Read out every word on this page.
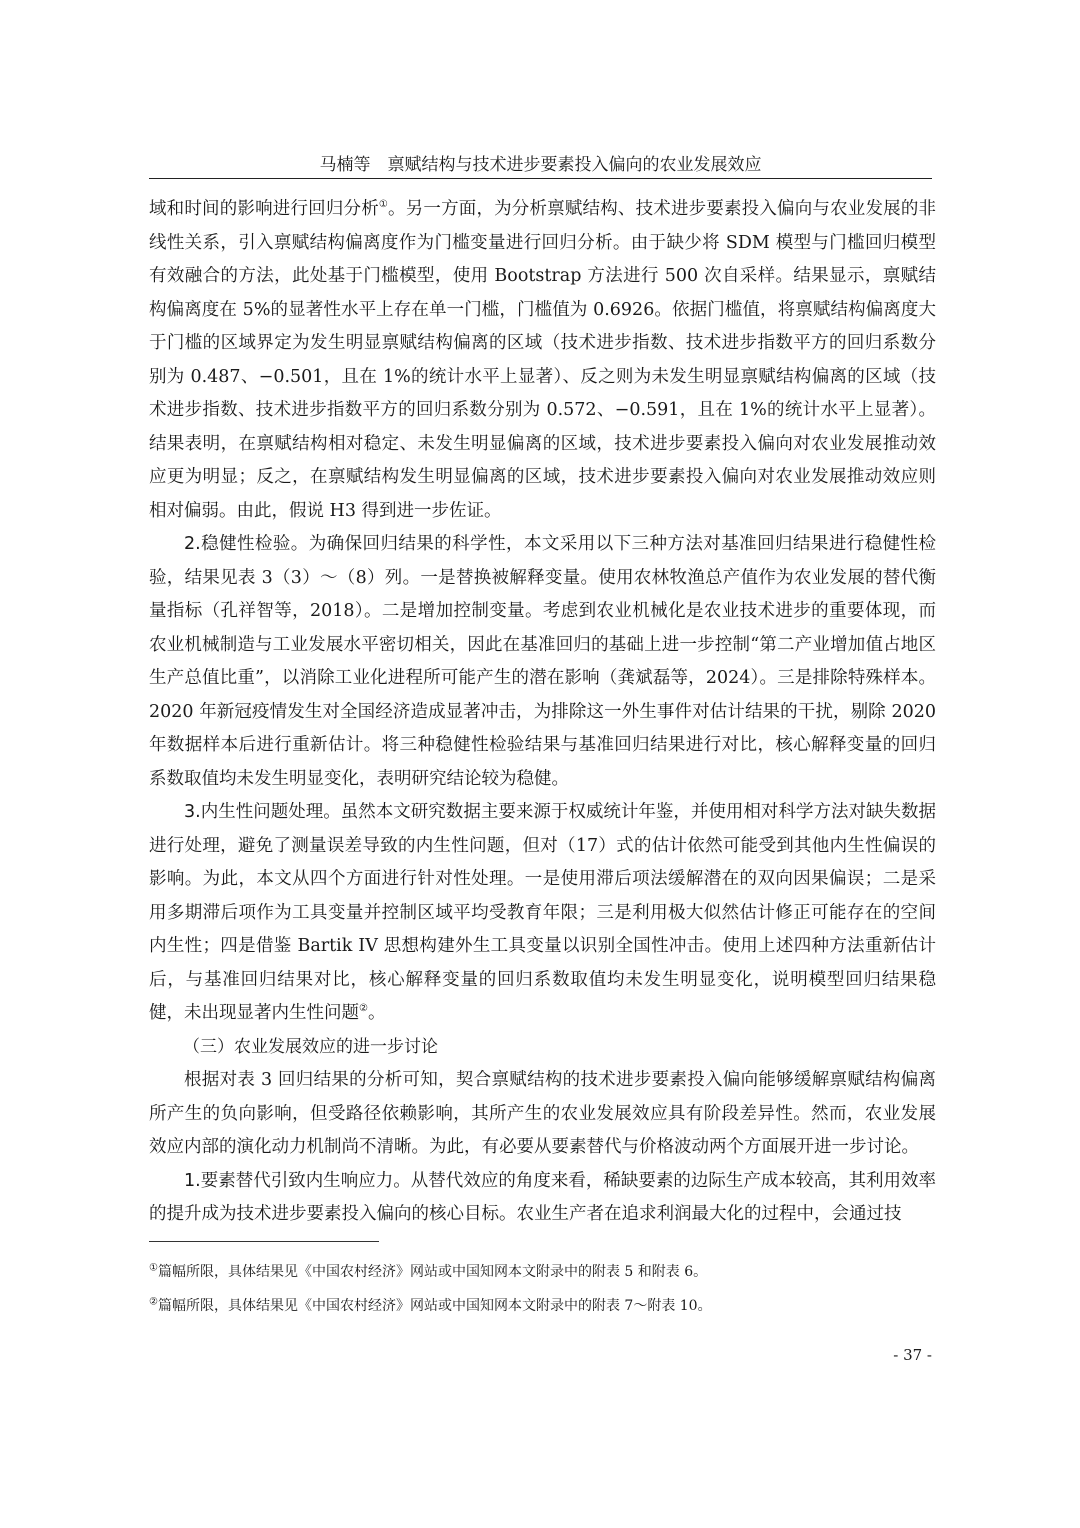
马楠等　禀赋结构与技术进步要素投入偏向的农业发展效应

域和时间的影响进行回归分析①。另一方面，为分析禀赋结构、技术进步要素投入偏向与农业发展的非线性关系，引入禀赋结构偏离度作为门槛变量进行回归分析。由于缺少将 SDM 模型与门槛回归模型有效融合的方法，此处基于门槛模型，使用 Bootstrap 方法进行 500 次自采样。结果显示，禀赋结构偏离度在 5%的显著性水平上存在单一门槛，门槛值为 0.6926。依据门槛值，将禀赋结构偏离度大于门槛的区域界定为发生明显禀赋结构偏离的区域（技术进步指数、技术进步指数平方的回归系数分别为 0.487、−0.501，且在 1%的统计水平上显著）、反之则为未发生明显禀赋结构偏离的区域（技术进步指数、技术进步指数平方的回归系数分别为 0.572、−0.591，且在 1%的统计水平上显著）。结果表明，在禀赋结构相对稳定、未发生明显偏离的区域，技术进步要素投入偏向对农业发展推动效应更为明显；反之，在禀赋结构发生明显偏离的区域，技术进步要素投入偏向对农业发展推动效应则相对偏弱。由此，假说 H3 得到进一步佐证。

2.稳健性检验。为确保回归结果的科学性，本文采用以下三种方法对基准回归结果进行稳健性检验，结果见表 3（3）～（8）列。一是替换被解释变量。使用农林牧渔总产值作为农业发展的替代衡量指标（孔祥智等，2018）。二是增加控制变量。考虑到农业机械化是农业技术进步的重要体现，而农业机械制造与工业发展水平密切相关，因此在基准回归的基础上进一步控制“第二产业增加值占地区生产总值比重”，以消除工业化进程所可能产生的潜在影响（龚斌磊等，2024）。三是排除特殊样本。2020 年新冠疫情发生对全国经济造成显著冲击，为排除这一外生事件对估计结果的干扰，剔除 2020 年数据样本后进行重新估计。将三种稳健性检验结果与基准回归结果进行对比，核心解释变量的回归系数取值均未发生明显变化，表明研究结论较为稳健。

3.内生性问题处理。虽然本文研究数据主要来源于权威统计年鉴，并使用相对科学方法对缺失数据进行处理，避免了测量误差导致的内生性问题，但对（17）式的估计依然可能受到其他内生性偏误的影响。为此，本文从四个方面进行针对性处理。一是使用滞后项法缓解潜在的双向因果偏误；二是采用多期滞后项作为工具变量并控制区域平均受教育年限；三是利用极大似然估计修正可能存在的空间内生性；四是借鉴 Bartik IV 思想构建外生工具变量以识别全国性冲击。使用上述四种方法重新估计后，与基准回归结果对比，核心解释变量的回归系数取值均未发生明显变化，说明模型回归结果稳健，未出现显著内生性问题②。

（三）农业发展效应的进一步讨论

根据对表 3 回归结果的分析可知，契合禀赋结构的技术进步要素投入偏向能够缓解禀赋结构偏离所产生的负向影响，但受路径依赖影响，其所产生的农业发展效应具有阶段差异性。然而，农业发展效应内部的演化动力机制尚不清晰。为此，有必要从要素替代与价格波动两个方面展开进一步讨论。

1.要素替代引致内生响应力。从替代效应的角度来看，稀缺要素的边际生产成本较高，其利用效率的提升成为技术进步要素投入偏向的核心目标。农业生产者在追求利润最大化的过程中，会通过技

①篇幅所限，具体结果见《中国农村经济》网站或中国知网本文附录中的附表 5 和附表 6。

②篇幅所限，具体结果见《中国农村经济》网站或中国知网本文附录中的附表 7～附表 10。

- 37 -
